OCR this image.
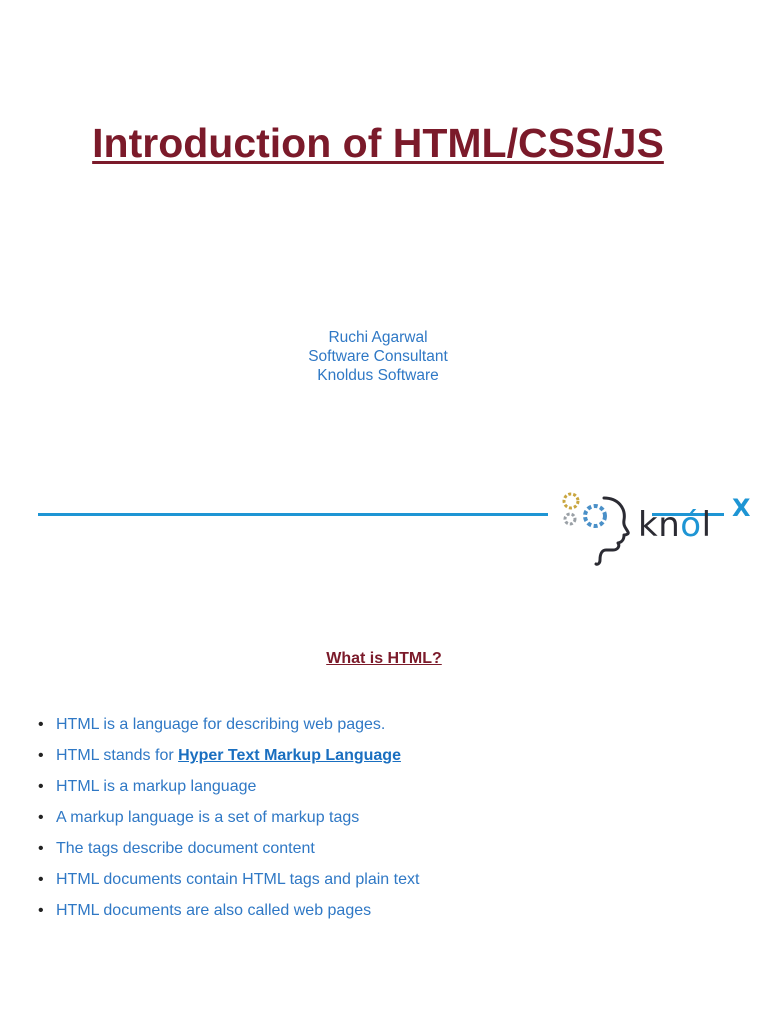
Introduction of HTML/CSS/JS
Ruchi Agarwal
Software Consultant
Knoldus Software
knól X
What is HTML?
• HTML is a language for describing web pages.
• HTML stands for Hyper Text Markup Language
• HTML is a markup language
• A markup language is a set of markup tags
• The tags describe document content
• HTML documents contain HTML tags and plain text
• HTML documents are also called web pages
